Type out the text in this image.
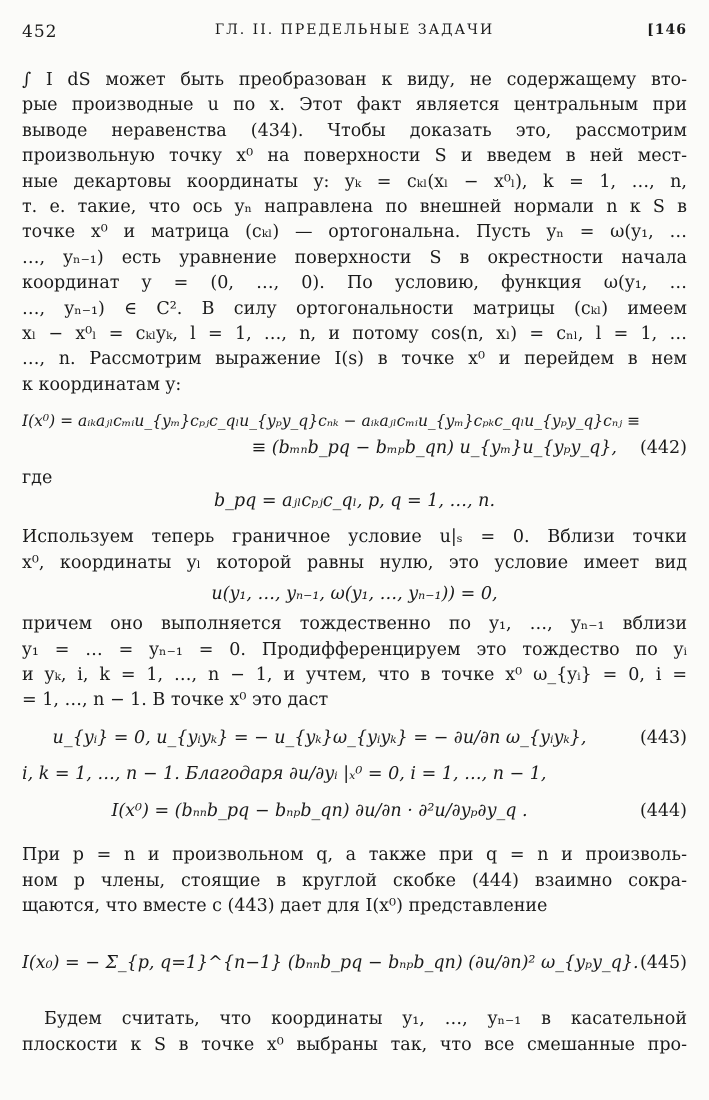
452	ГЛ. II. ПРЕДЕЛЬНЫЕ ЗАДАЧИ	[146

∫ I dS может быть преобразован к виду, не содержащему вто-

рые производные u по x. Этот факт является центральным при

выводе неравенства (434). Чтобы доказать это, рассмотрим

произвольную точку x⁰ на поверхности S и введем в ней мест-

ные декартовы координаты y: yₖ = cₖₗ(xₗ − x⁰ₗ), k = 1, …, n,

т. е. такие, что ось yₙ направлена по внешней нормали n к S в

точке x⁰ и матрица (cₖₗ) — ортогональна. Пусть yₙ = ω(y₁, …

…, yₙ₋₁) есть уравнение поверхности S в окрестности начала

координат y = (0, …, 0). По условию, функция ω(y₁, …

…, yₙ₋₁) ∈ C². В силу ортогональности матрицы (cₖₗ) имеем

xₗ − x⁰ₗ = cₖₗyₖ, l = 1, …, n, и потому cos(n, xₗ) = cₙₗ, l = 1, …

…, n. Рассмотрим выражение I(s) в точке x⁰ и перейдем в нем

к координатам y:

I(x⁰) = aᵢₖaⱼₗcₘᵢu_{yₘ}cₚⱼc_qₗu_{yₚy_q}cₙₖ − aᵢₖaⱼₗcₘᵢu_{yₘ}cₚₖc_qₗu_{yₚy_q}cₙⱼ ≡
≡ (bₘₙb_pq − bₘₚb_qn) u_{yₘ}u_{yₚy_q},	(442)

где

b_pq = aⱼₗcₚⱼc_qₗ, p, q = 1, …, n.

Используем теперь граничное условие u|ₛ = 0. Вблизи точки

x⁰, координаты yₗ которой равны нулю, это условие имеет вид

u(y₁, …, yₙ₋₁, ω(y₁, …, yₙ₋₁)) = 0,

причем оно выполняется тождественно по y₁, …, yₙ₋₁ вблизи

y₁ = … = yₙ₋₁ = 0. Продифференцируем это тождество по yᵢ

и yₖ, i, k = 1, …, n − 1, и учтем, что в точке x⁰ ω_{yᵢ} = 0, i =

= 1, …, n − 1. В точке x⁰ это даст

u_{yᵢ} = 0, u_{yᵢyₖ} = − u_{yₖ}ω_{yᵢyₖ} = − ∂u/∂n ω_{yᵢyₖ},	(443)

i, k = 1, …, n − 1. Благодаря ∂u/∂yᵢ |ₓ⁰ = 0, i = 1, …, n − 1,

I(x⁰) = (bₙₙb_pq − bₙₚb_qn) ∂u/∂n · ∂²u/∂yₚ∂y_q .	(444)

При p = n и произвольном q, а также при q = n и произволь-

ном p члены, стоящие в круглой скобке (444) взаимно сокра-

щаются, что вместе с (443) дает для I(x⁰) представление

I(x₀) = − Σ_{p, q=1}^{n−1} (bₙₙb_pq − bₙₚb_qn) (∂u/∂n)² ω_{yₚy_q}. (445)

Будем считать, что координаты y₁, …, yₙ₋₁ в касательной

плоскости к S в точке x⁰ выбраны так, что все смешанные про-
